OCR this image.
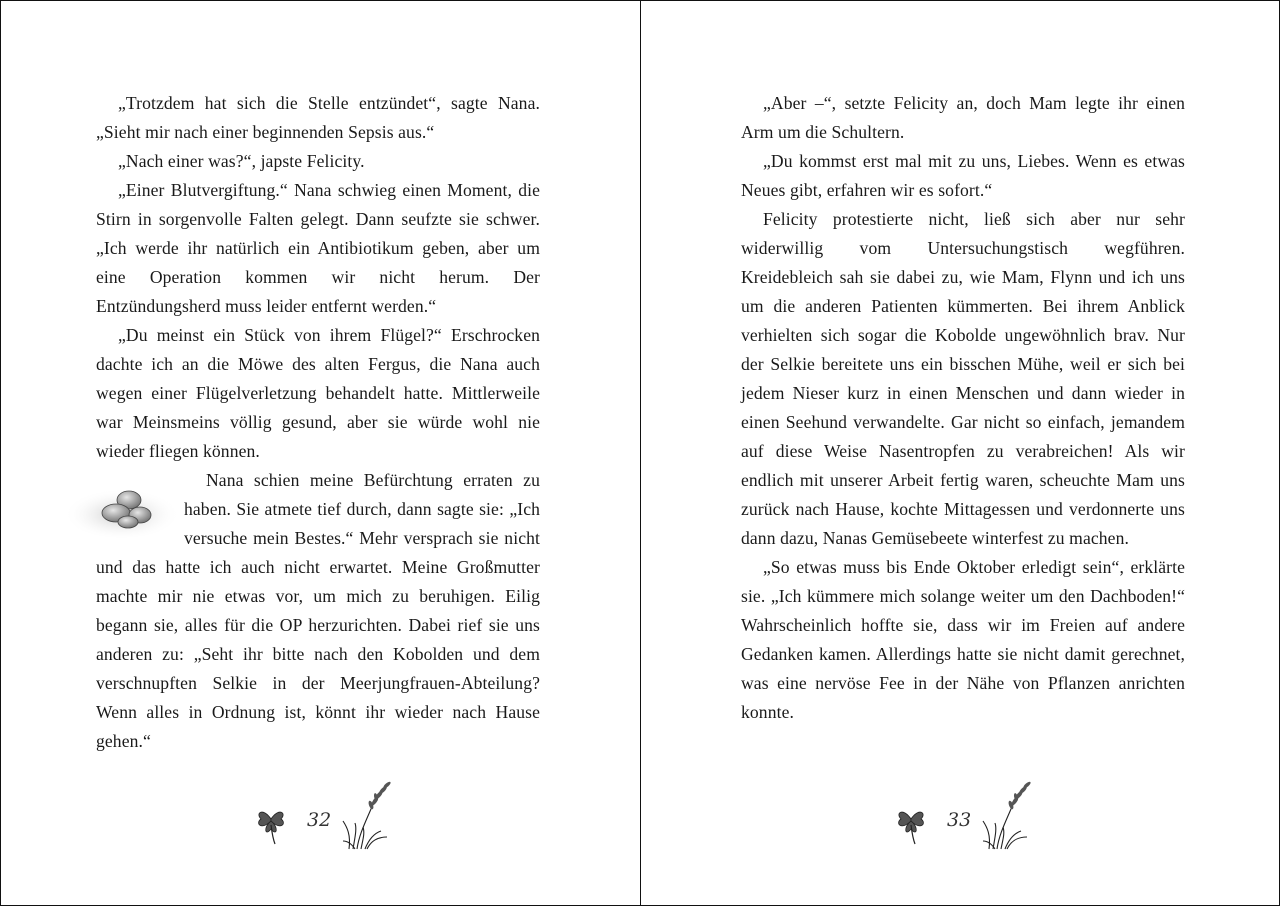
„Trotzdem hat sich die Stelle entzündet“, sagte Nana. „Sieht mir nach einer beginnenden Sepsis aus.“

„Nach einer was?“, japste Felicity.

„Einer Blutvergiftung.“ Nana schwieg einen Moment, die Stirn in sorgenvolle Falten gelegt. Dann seufzte sie schwer. „Ich werde ihr natürlich ein Antibiotikum geben, aber um eine Operation kommen wir nicht herum. Der Entzündungsherd muss leider entfernt werden.“

„Du meinst ein Stück von ihrem Flügel?“ Erschrocken dachte ich an die Möwe des alten Fergus, die Nana auch wegen einer Flügelverletzung behandelt hatte. Mittlerweile war Meinsmeins völlig gesund, aber sie würde wohl nie wieder fliegen können.

Nana schien meine Befürchtung erraten zu haben. Sie atmete tief durch, dann sagte sie: „Ich versuche mein Bestes.“ Mehr versprach sie nicht und das hatte ich auch nicht erwartet. Meine Großmutter machte mir nie etwas vor, um mich zu beruhigen. Eilig begann sie, alles für die OP herzurichten. Dabei rief sie uns anderen zu: „Seht ihr bitte nach den Kobolden und dem verschnupften Selkie in der Meerjungfrauen-Abteilung? Wenn alles in Ordnung ist, könnt ihr wieder nach Hause gehen.“

32

„Aber –“, setzte Felicity an, doch Mam legte ihr einen Arm um die Schultern.

„Du kommst erst mal mit zu uns, Liebes. Wenn es etwas Neues gibt, erfahren wir es sofort.“

Felicity protestierte nicht, ließ sich aber nur sehr widerwillig vom Untersuchungstisch wegführen. Kreidebleich sah sie dabei zu, wie Mam, Flynn und ich uns um die anderen Patienten kümmerten. Bei ihrem Anblick verhielten sich sogar die Kobolde ungewöhnlich brav. Nur der Selkie bereitete uns ein bisschen Mühe, weil er sich bei jedem Nieser kurz in einen Menschen und dann wieder in einen Seehund verwandelte. Gar nicht so einfach, jemandem auf diese Weise Nasentropfen zu verabreichen! Als wir endlich mit unserer Arbeit fertig waren, scheuchte Mam uns zurück nach Hause, kochte Mittagessen und verdonnerte uns dann dazu, Nanas Gemüsebeete winterfest zu machen.

„So etwas muss bis Ende Oktober erledigt sein“, erklärte sie. „Ich kümmere mich solange weiter um den Dachboden!“ Wahrscheinlich hoffte sie, dass wir im Freien auf andere Gedanken kamen. Allerdings hatte sie nicht damit gerechnet, was eine nervöse Fee in der Nähe von Pflanzen anrichten konnte.

33
